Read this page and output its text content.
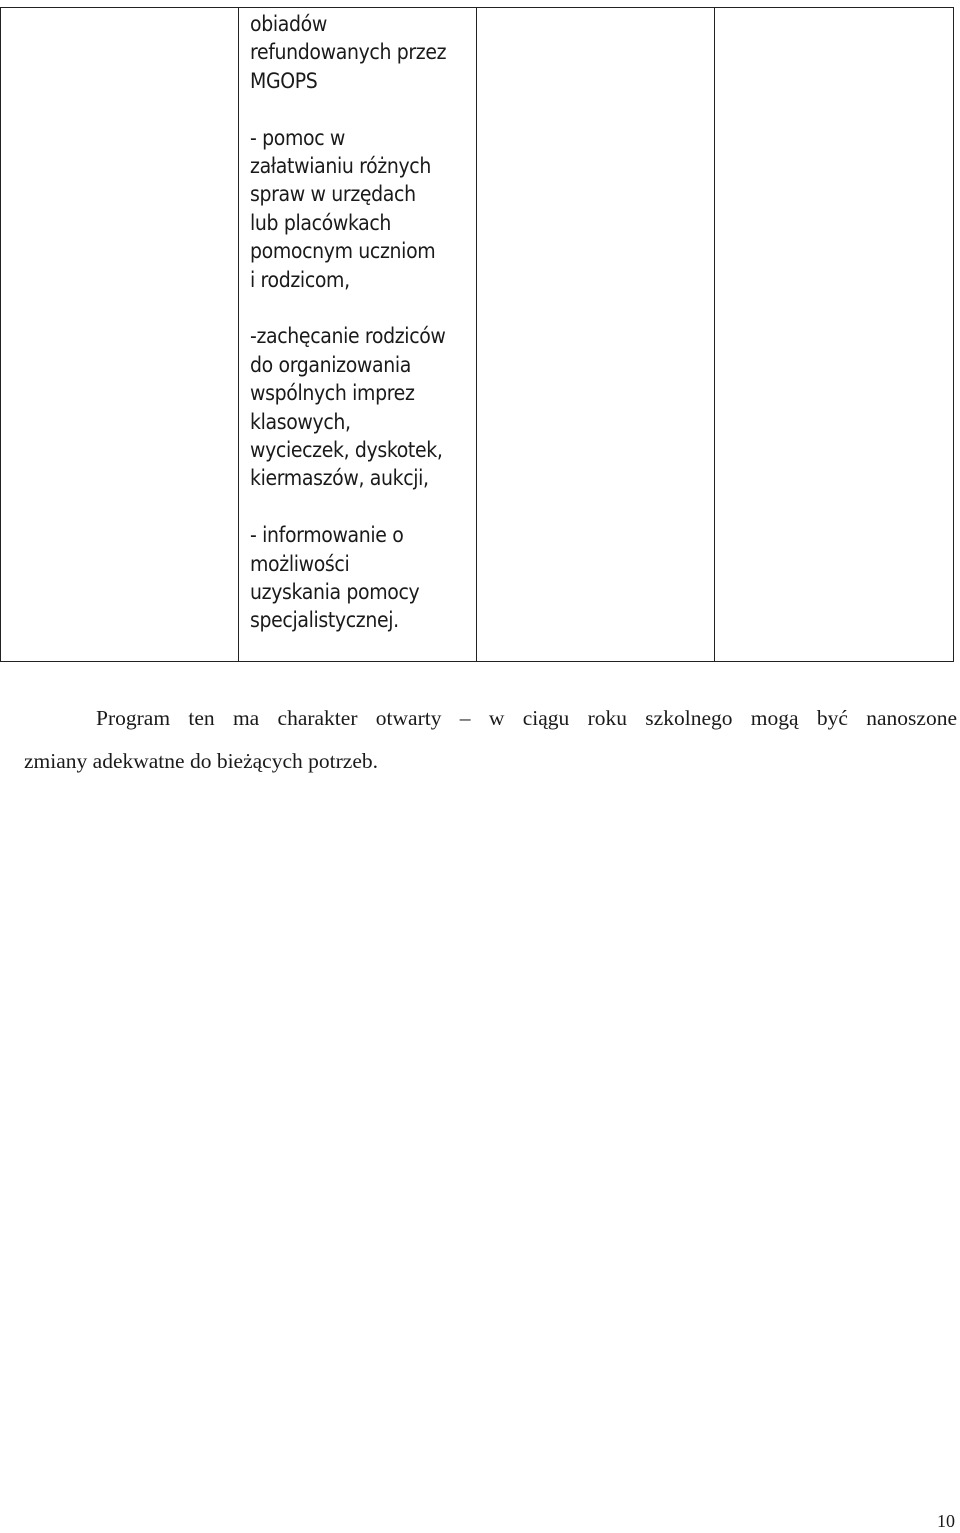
obiadów
refundowanych przez
MGOPS

- pomoc w
załatwianiu różnych
spraw w urzędach
lub placówkach
pomocnym uczniom
i rodzicom,

-zachęcanie rodziców
do organizowania
wspólnych imprez
klasowych,
wycieczek, dyskotek,
kiermaszów, aukcji,

- informowanie o
możliwości
uzyskania pomocy
specjalistycznej.

Program ten ma charakter otwarty – w ciągu roku szkolnego mogą być nanoszone
zmiany adekwatne do bieżących potrzeb.
10
